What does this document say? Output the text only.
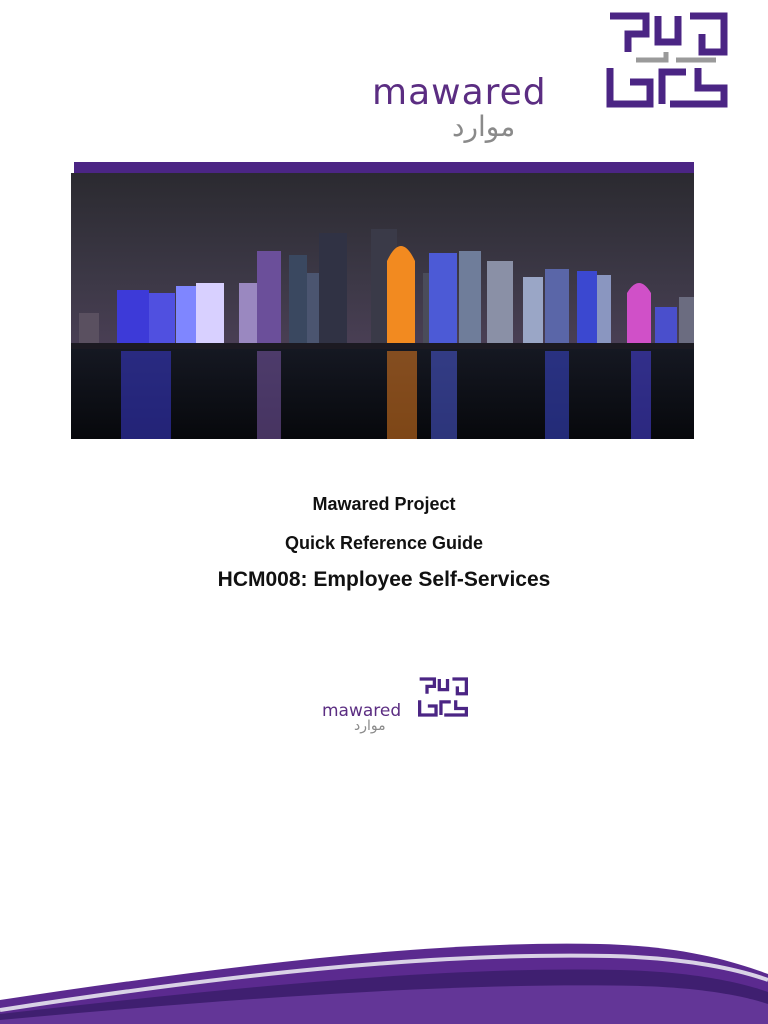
mawared
موارد

Mawared Project

Quick Reference Guide

HCM008: Employee Self-Services

mawared
موارد
